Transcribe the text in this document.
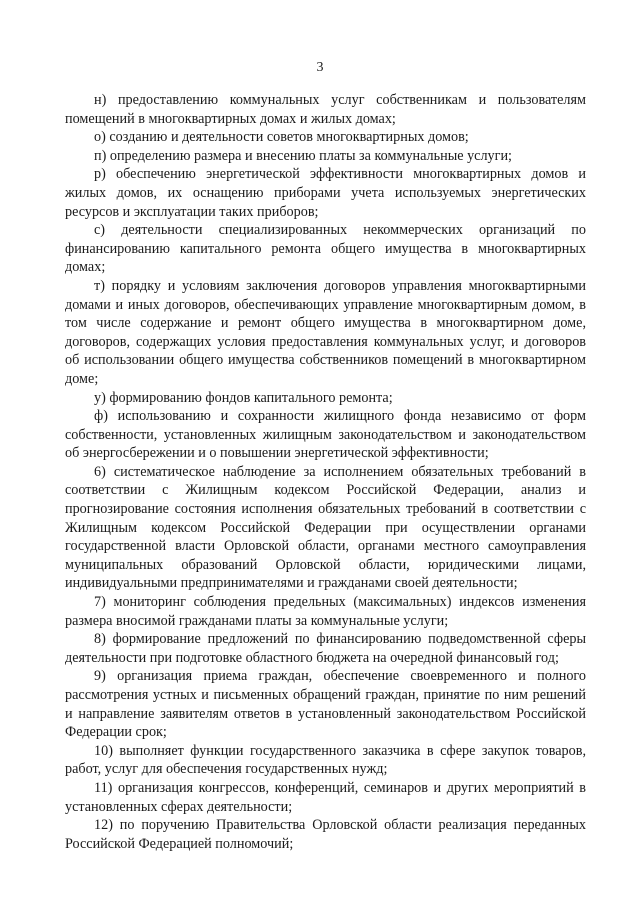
3

н) предоставлению коммунальных услуг собственникам и пользователям помещений в многоквартирных домах и жилых домах;

о) созданию и деятельности советов многоквартирных домов;

п) определению размера и внесению платы за коммунальные услуги;

р) обеспечению энергетической эффективности многоквартирных домов и жилых домов, их оснащению приборами учета используемых энергетических ресурсов и эксплуатации таких приборов;

с) деятельности специализированных некоммерческих организаций по финансированию капитального ремонта общего имущества в многоквартирных домах;

т) порядку и условиям заключения договоров управления многоквартирными домами и иных договоров, обеспечивающих управление многоквартирным домом, в том числе содержание и ремонт общего имущества в многоквартирном доме, договоров, содержащих условия предоставления коммунальных услуг, и договоров об использовании общего имущества собственников помещений в многоквартирном доме;

у) формированию фондов капитального ремонта;

ф) использованию и сохранности жилищного фонда независимо от форм собственности, установленных жилищным законодательством и законодательством об энергосбережении и о повышении энергетической эффективности;

6) систематическое наблюдение за исполнением обязательных требований в соответствии с Жилищным кодексом Российской Федерации, анализ и прогнозирование состояния исполнения обязательных требований в соответствии с Жилищным кодексом Российской Федерации при осуществлении органами государственной власти Орловской области, органами местного самоуправления муниципальных образований Орловской области, юридическими лицами, индивидуальными предпринимателями и гражданами своей деятельности;

7) мониторинг соблюдения предельных (максимальных) индексов изменения размера вносимой гражданами платы за коммунальные услуги;

8) формирование предложений по финансированию подведомственной сферы деятельности при подготовке областного бюджета на очередной финансовый год;

9) организация приема граждан, обеспечение своевременного и полного рассмотрения устных и письменных обращений граждан, принятие по ним решений и направление заявителям ответов в установленный законодательством Российской Федерации срок;

10) выполняет функции государственного заказчика в сфере закупок товаров, работ, услуг для обеспечения государственных нужд;

11) организация конгрессов, конференций, семинаров и других мероприятий в установленных сферах деятельности;

12) по поручению Правительства Орловской области реализация переданных Российской Федерацией полномочий;
